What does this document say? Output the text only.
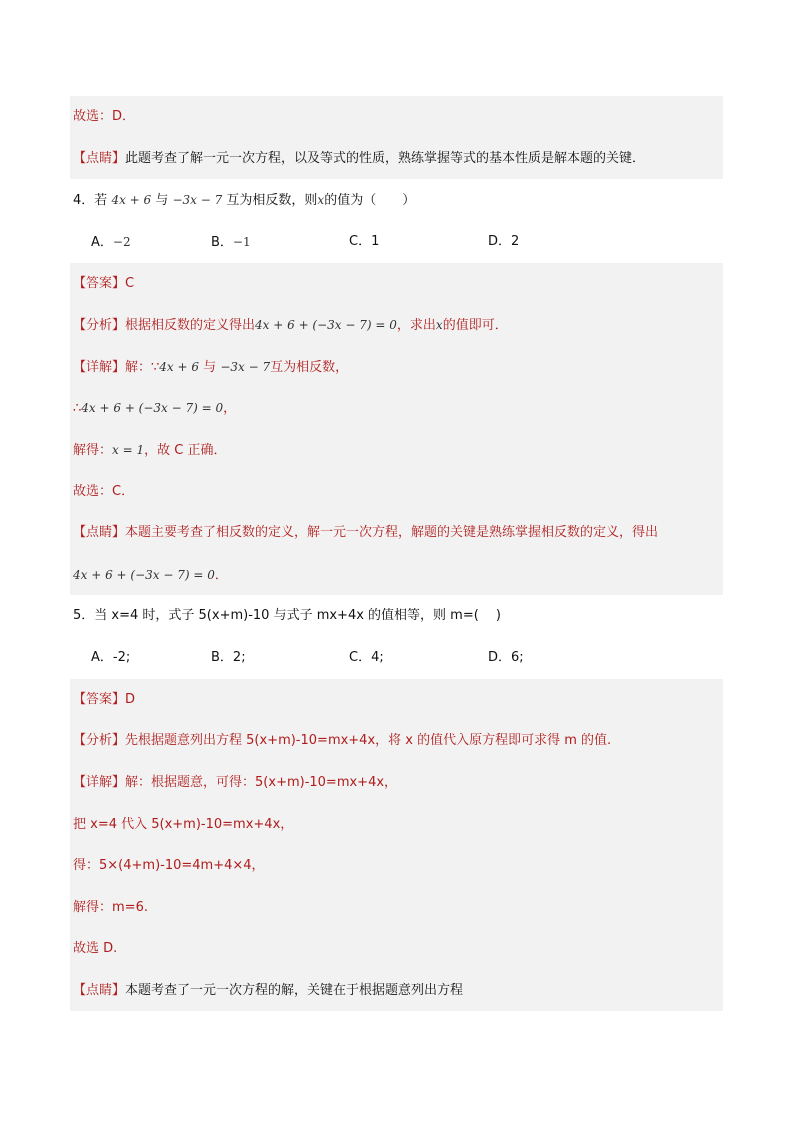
故选：D．
【点睛】此题考查了解一元一次方程，以及等式的性质，熟练掌握等式的基本性质是解本题的关键．
4．若 4x + 6 与 −3x − 7 互为相反数，则x的值为（　　）
A．−2	B．−1	C．1	D．2
【答案】C
【分析】根据相反数的定义得出4x + 6 + (−3x − 7) = 0，求出x的值即可．
【详解】解：∵4x + 6 与 −3x − 7互为相反数，
∴4x + 6 + (−3x − 7) = 0，
解得：x = 1，故 C 正确．
故选：C．
【点睛】本题主要考查了相反数的定义，解一元一次方程，解题的关键是熟练掌握相反数的定义，得出
4x + 6 + (−3x − 7) = 0．
5．当 x=4 时，式子 5(x+m)-10 与式子 mx+4x 的值相等，则 m=(　 )
A．-2;	B．2;	C．4;	D．6;
【答案】D
【分析】先根据题意列出方程 5(x+m)-10=mx+4x，将 x 的值代入原方程即可求得 m 的值.
【详解】解：根据题意，可得：5(x+m)-10=mx+4x，
把 x=4 代入 5(x+m)-10=mx+4x，
得：5×(4+m)-10=4m+4×4，
解得：m=6.
故选 D.
【点睛】本题考查了一元一次方程的解，关键在于根据题意列出方程
